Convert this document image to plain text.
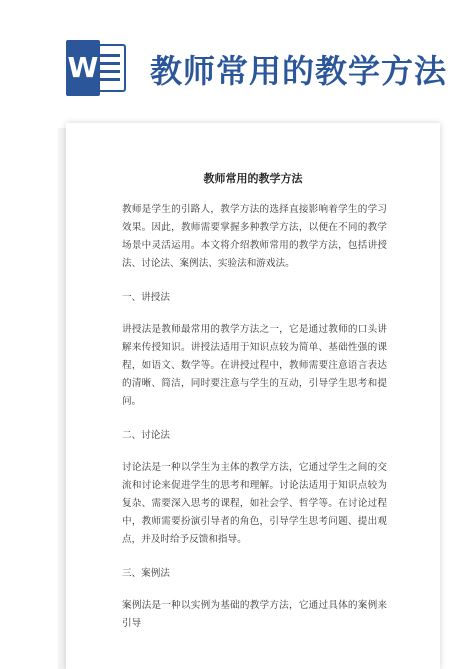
W 教师常用的教学方法
教师常用的教学方法

教师是学生的引路人，教学方法的选择直接影响着学生的学习效果。因此，教师需要掌握多种教学方法，以便在不同的教学场景中灵活运用。本文将介绍教师常用的教学方法，包括讲授法、讨论法、案例法、实验法和游戏法。

一、讲授法

讲授法是教师最常用的教学方法之一，它是通过教师的口头讲解来传授知识。讲授法适用于知识点较为简单、基础性强的课程，如语文、数学等。在讲授过程中，教师需要注意语言表达的清晰、简洁，同时要注意与学生的互动，引导学生思考和提问。

二、讨论法

讨论法是一种以学生为主体的教学方法，它通过学生之间的交流和讨论来促进学生的思考和理解。讨论法适用于知识点较为复杂、需要深入思考的课程，如社会学、哲学等。在讨论过程中，教师需要扮演引导者的角色，引导学生思考问题、提出观点，并及时给予反馈和指导。

三、案例法

案例法是一种以实例为基础的教学方法，它通过具体的案例来引导
